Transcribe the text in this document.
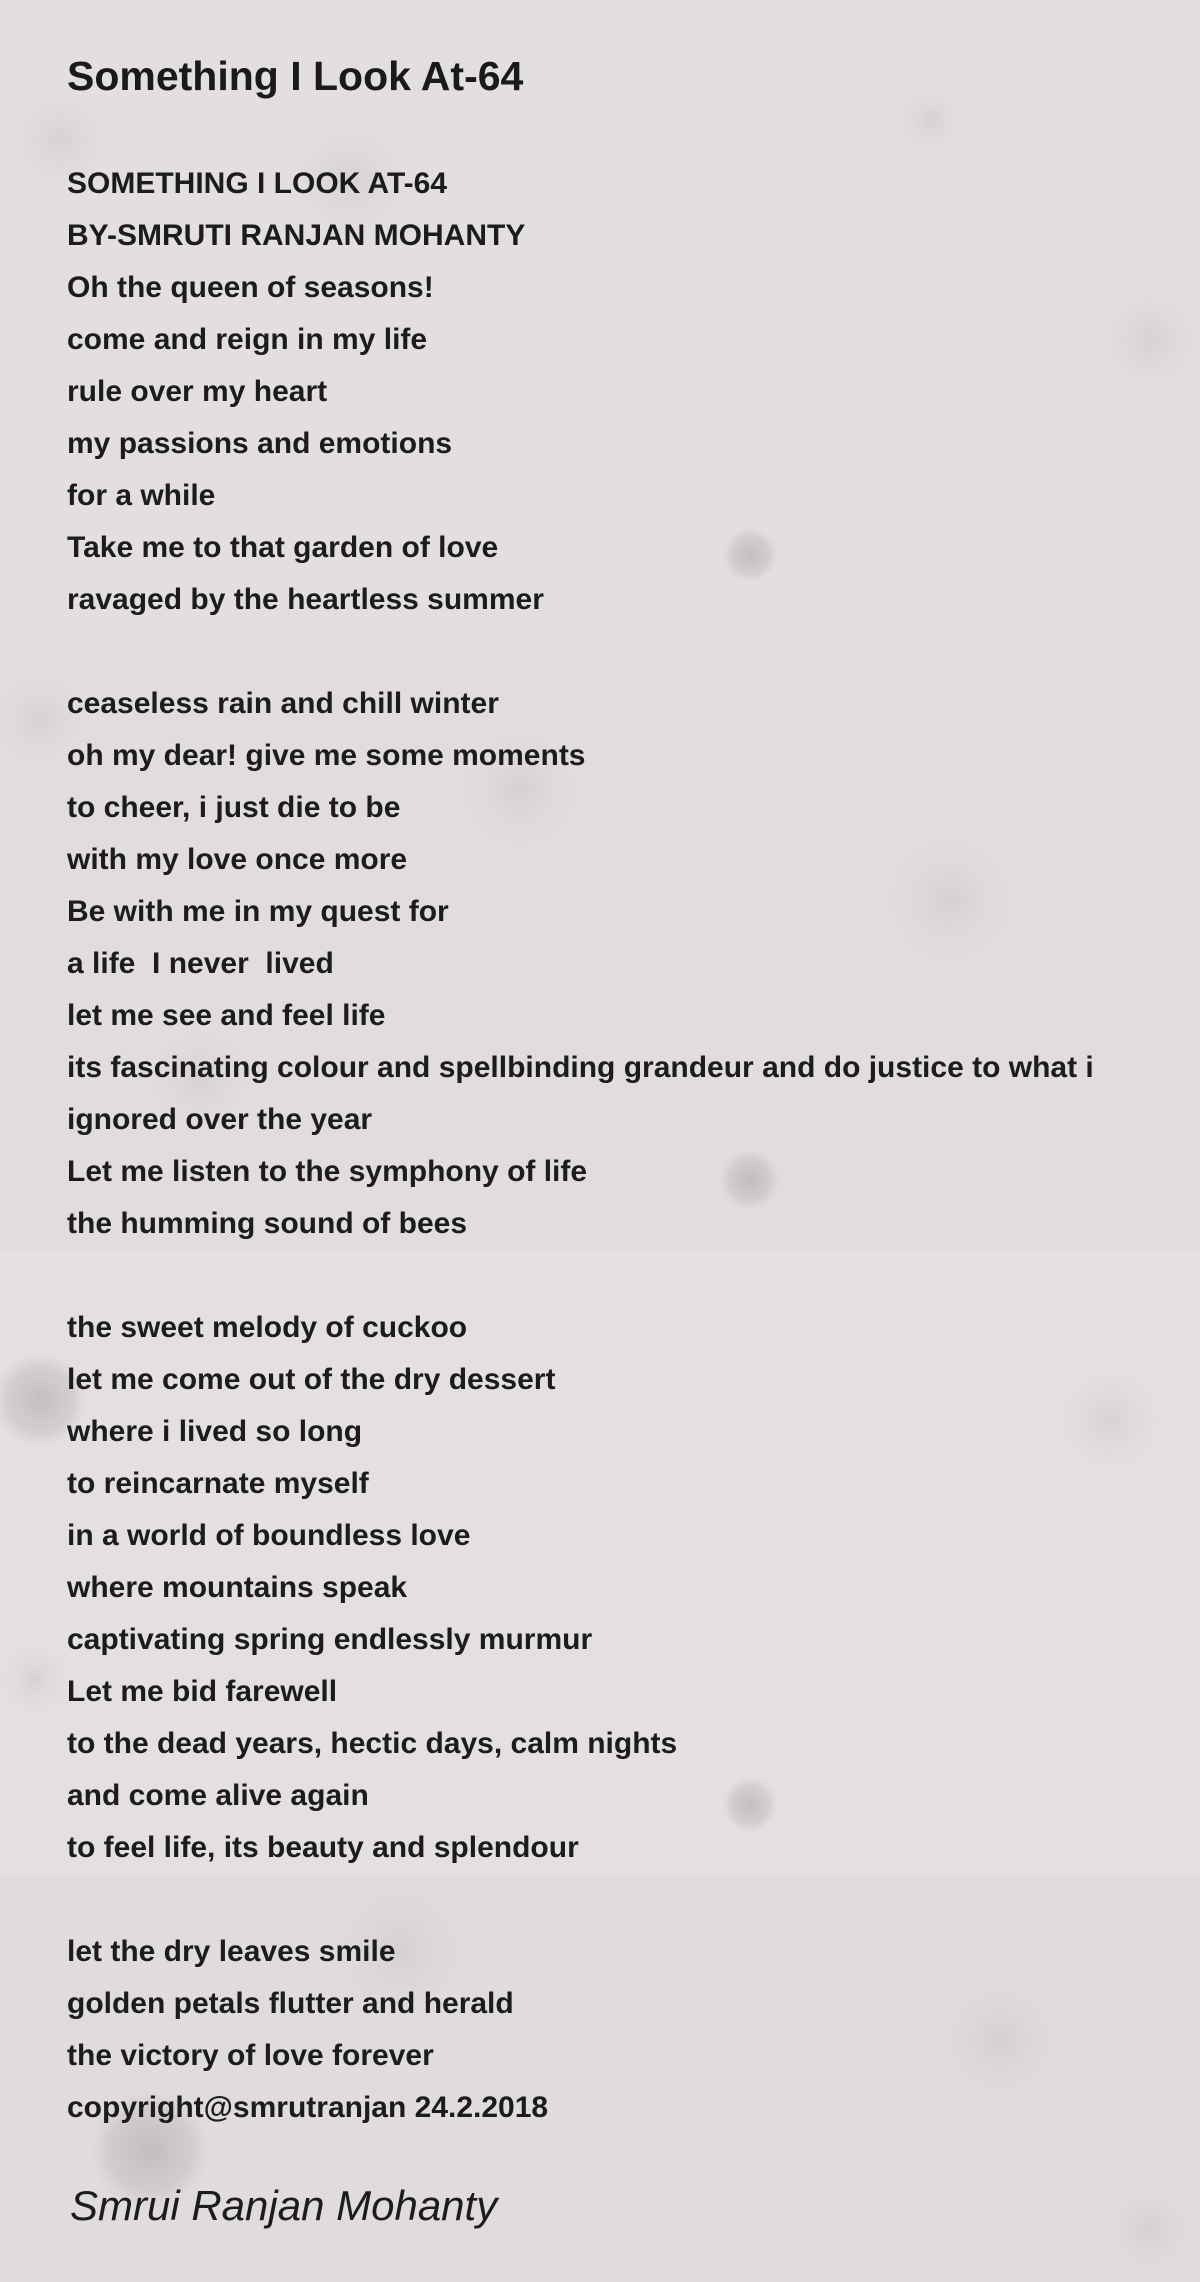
Something I Look At-64
SOMETHING I LOOK AT-64
BY-SMRUTI RANJAN MOHANTY
Oh the queen of seasons!
come and reign in my life
rule over my heart
my passions and emotions
for a while
Take me to that garden of love
ravaged by the heartless summer
ceaseless rain and chill winter
oh my dear! give me some moments
to cheer, i just die to be
with my love once more
Be with me in my quest for
a life  I never  lived
let me see and feel life
its fascinating colour and spellbinding grandeur and do justice to what i
ignored over the year
Let me listen to the symphony of life
the humming sound of bees
the sweet melody of cuckoo
let me come out of the dry dessert
where i lived so long
to reincarnate myself
in a world of boundless love
where mountains speak
captivating spring endlessly murmur
Let me bid farewell
to the dead years, hectic days, calm nights
and come alive again
to feel life, its beauty and splendour
let the dry leaves smile
golden petals flutter and herald
the victory of love forever
copyright@smrutranjan 24.2.2018
Smrui Ranjan Mohanty
